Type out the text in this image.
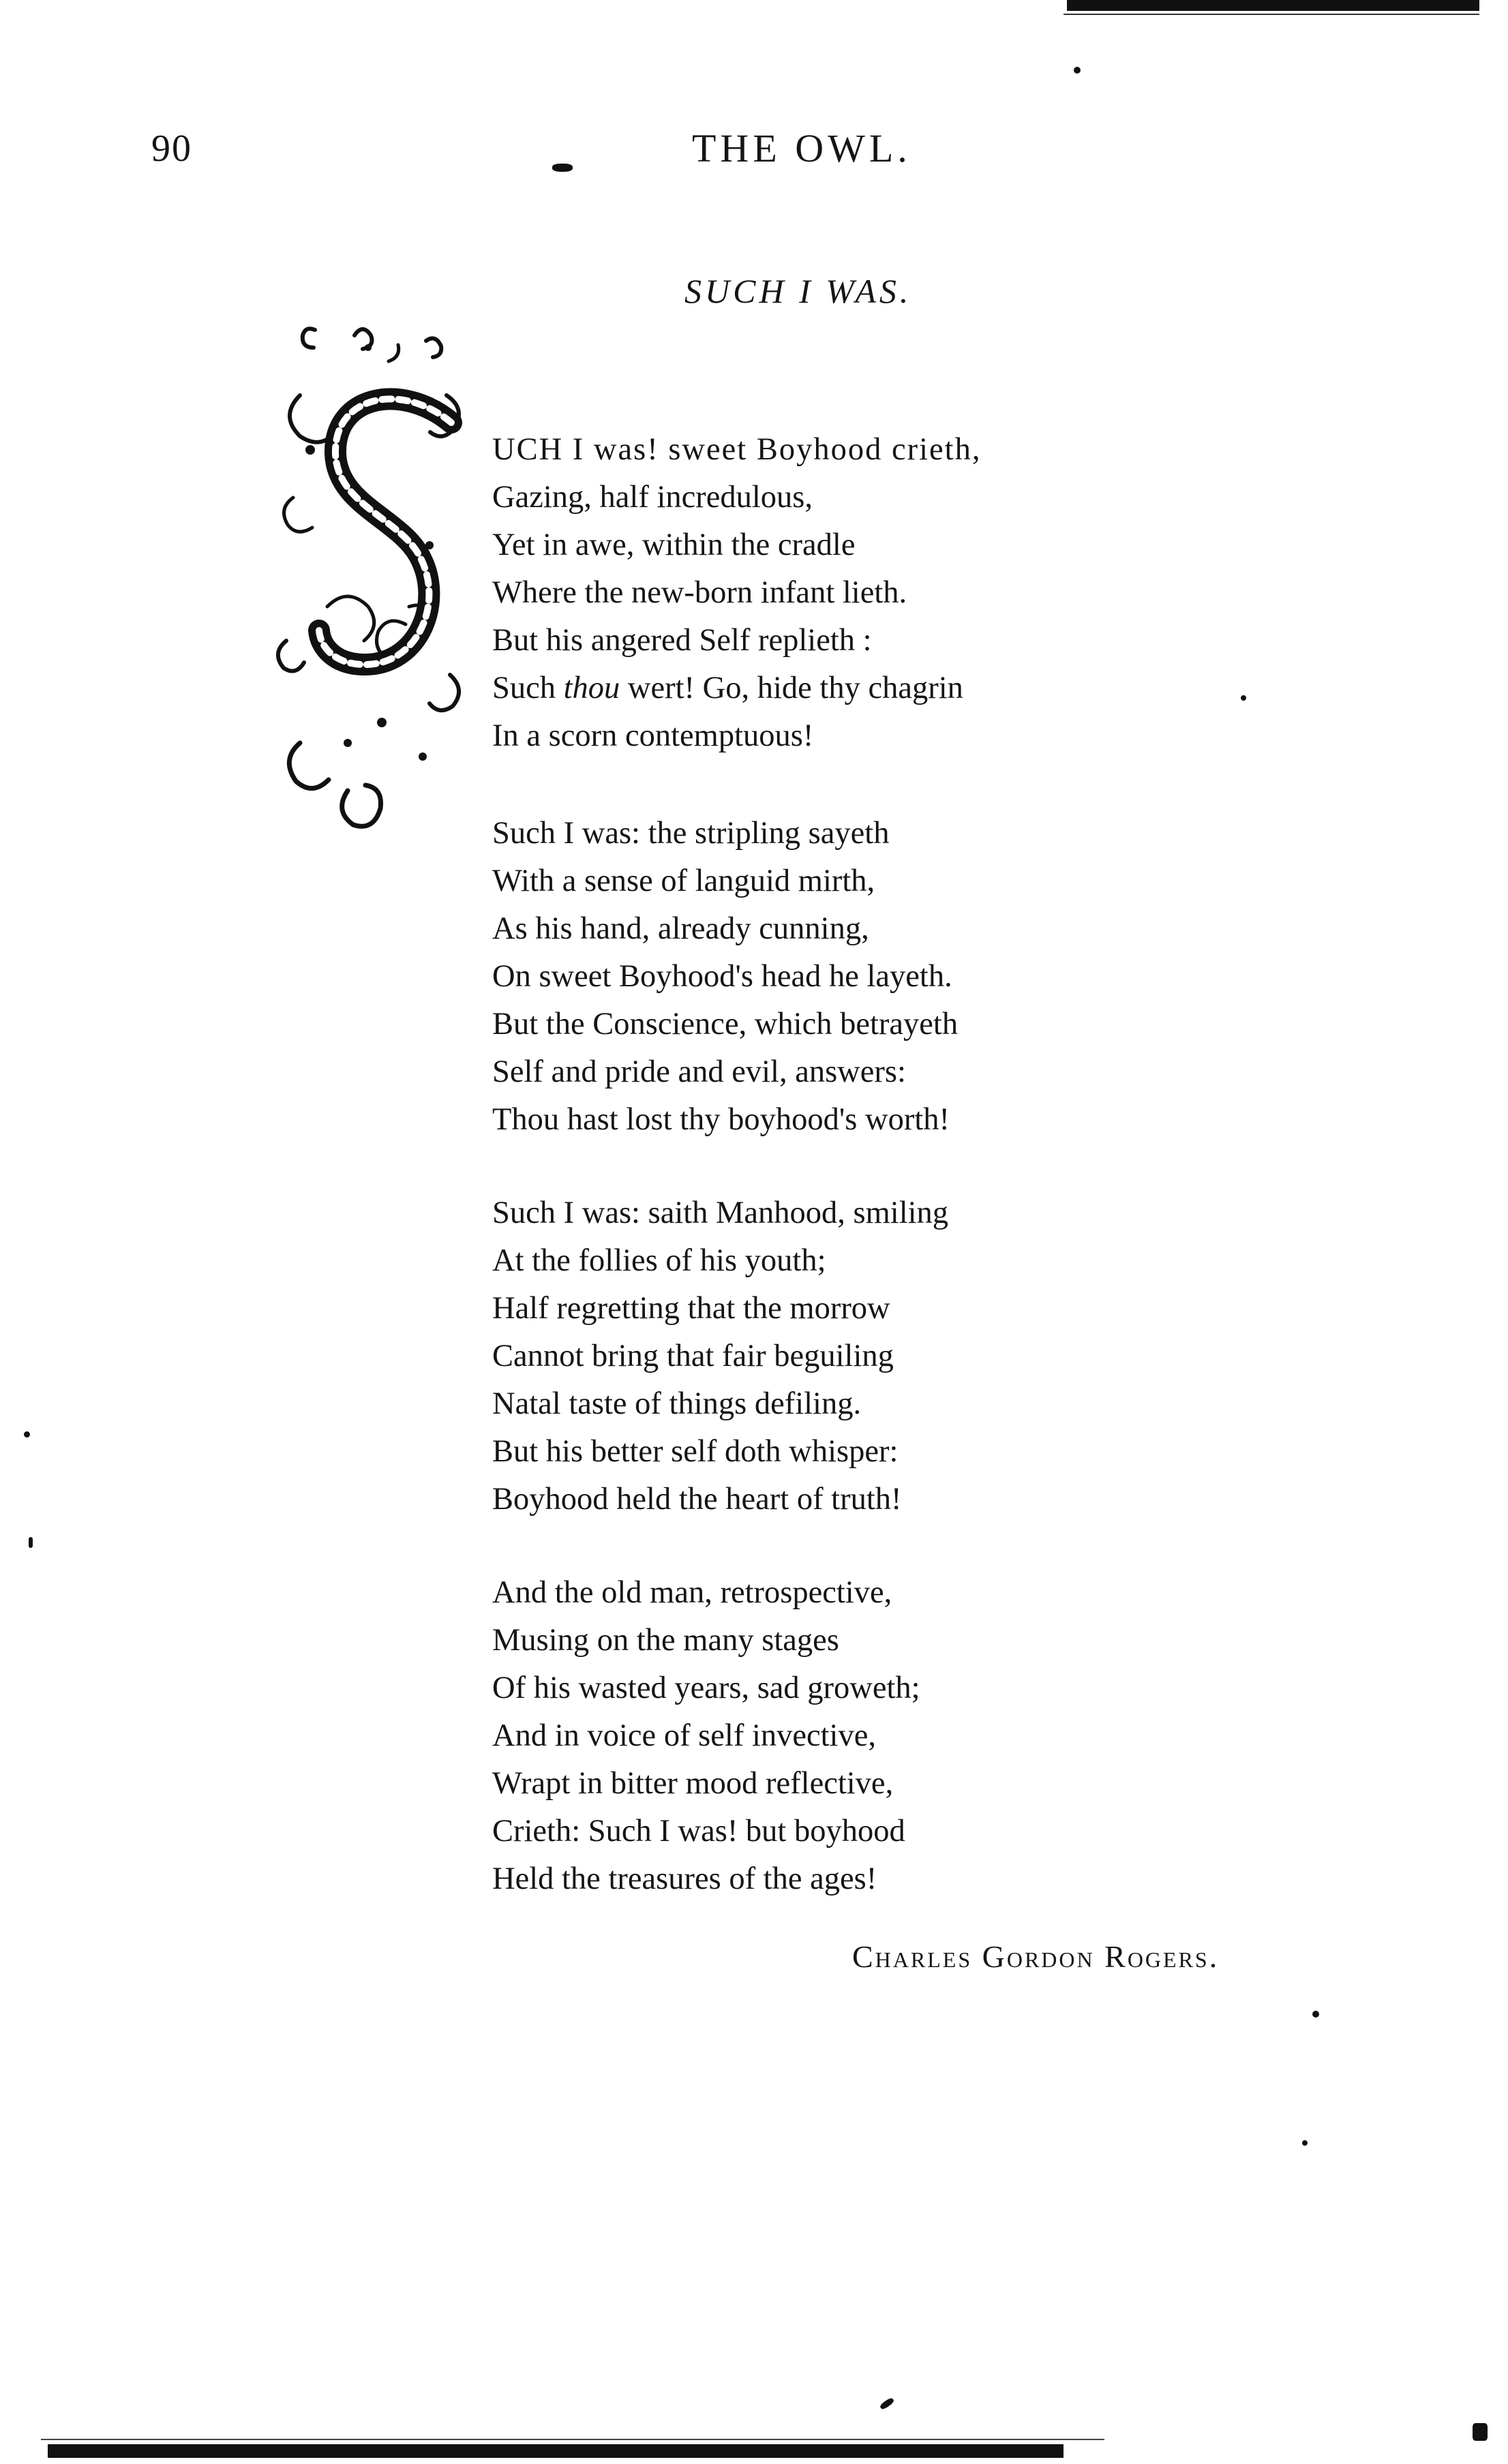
90	THE OWL.
SUCH I WAS.
UCH I was! sweet Boyhood crieth,
Gazing, half incredulous,
Yet in awe, within the cradle
Where the new-born infant lieth.
But his angered Self replieth :
Such thou wert! Go, hide thy chagrin
In a scorn contemptuous!
Such I was: the stripling sayeth
With a sense of languid mirth,
As his hand, already cunning,
On sweet Boyhood's head he layeth.
But the Conscience, which betrayeth
Self and pride and evil, answers:
Thou hast lost thy boyhood's worth!
Such I was: saith Manhood, smiling
At the follies of his youth;
Half regretting that the morrow
Cannot bring that fair beguiling
Natal taste of things defiling.
But his better self doth whisper:
Boyhood held the heart of truth!
And the old man, retrospective,
Musing on the many stages
Of his wasted years, sad groweth;
And in voice of self invective,
Wrapt in bitter mood reflective,
Crieth: Such I was! but boyhood
Held the treasures of the ages!
Charles Gordon Rogers.
